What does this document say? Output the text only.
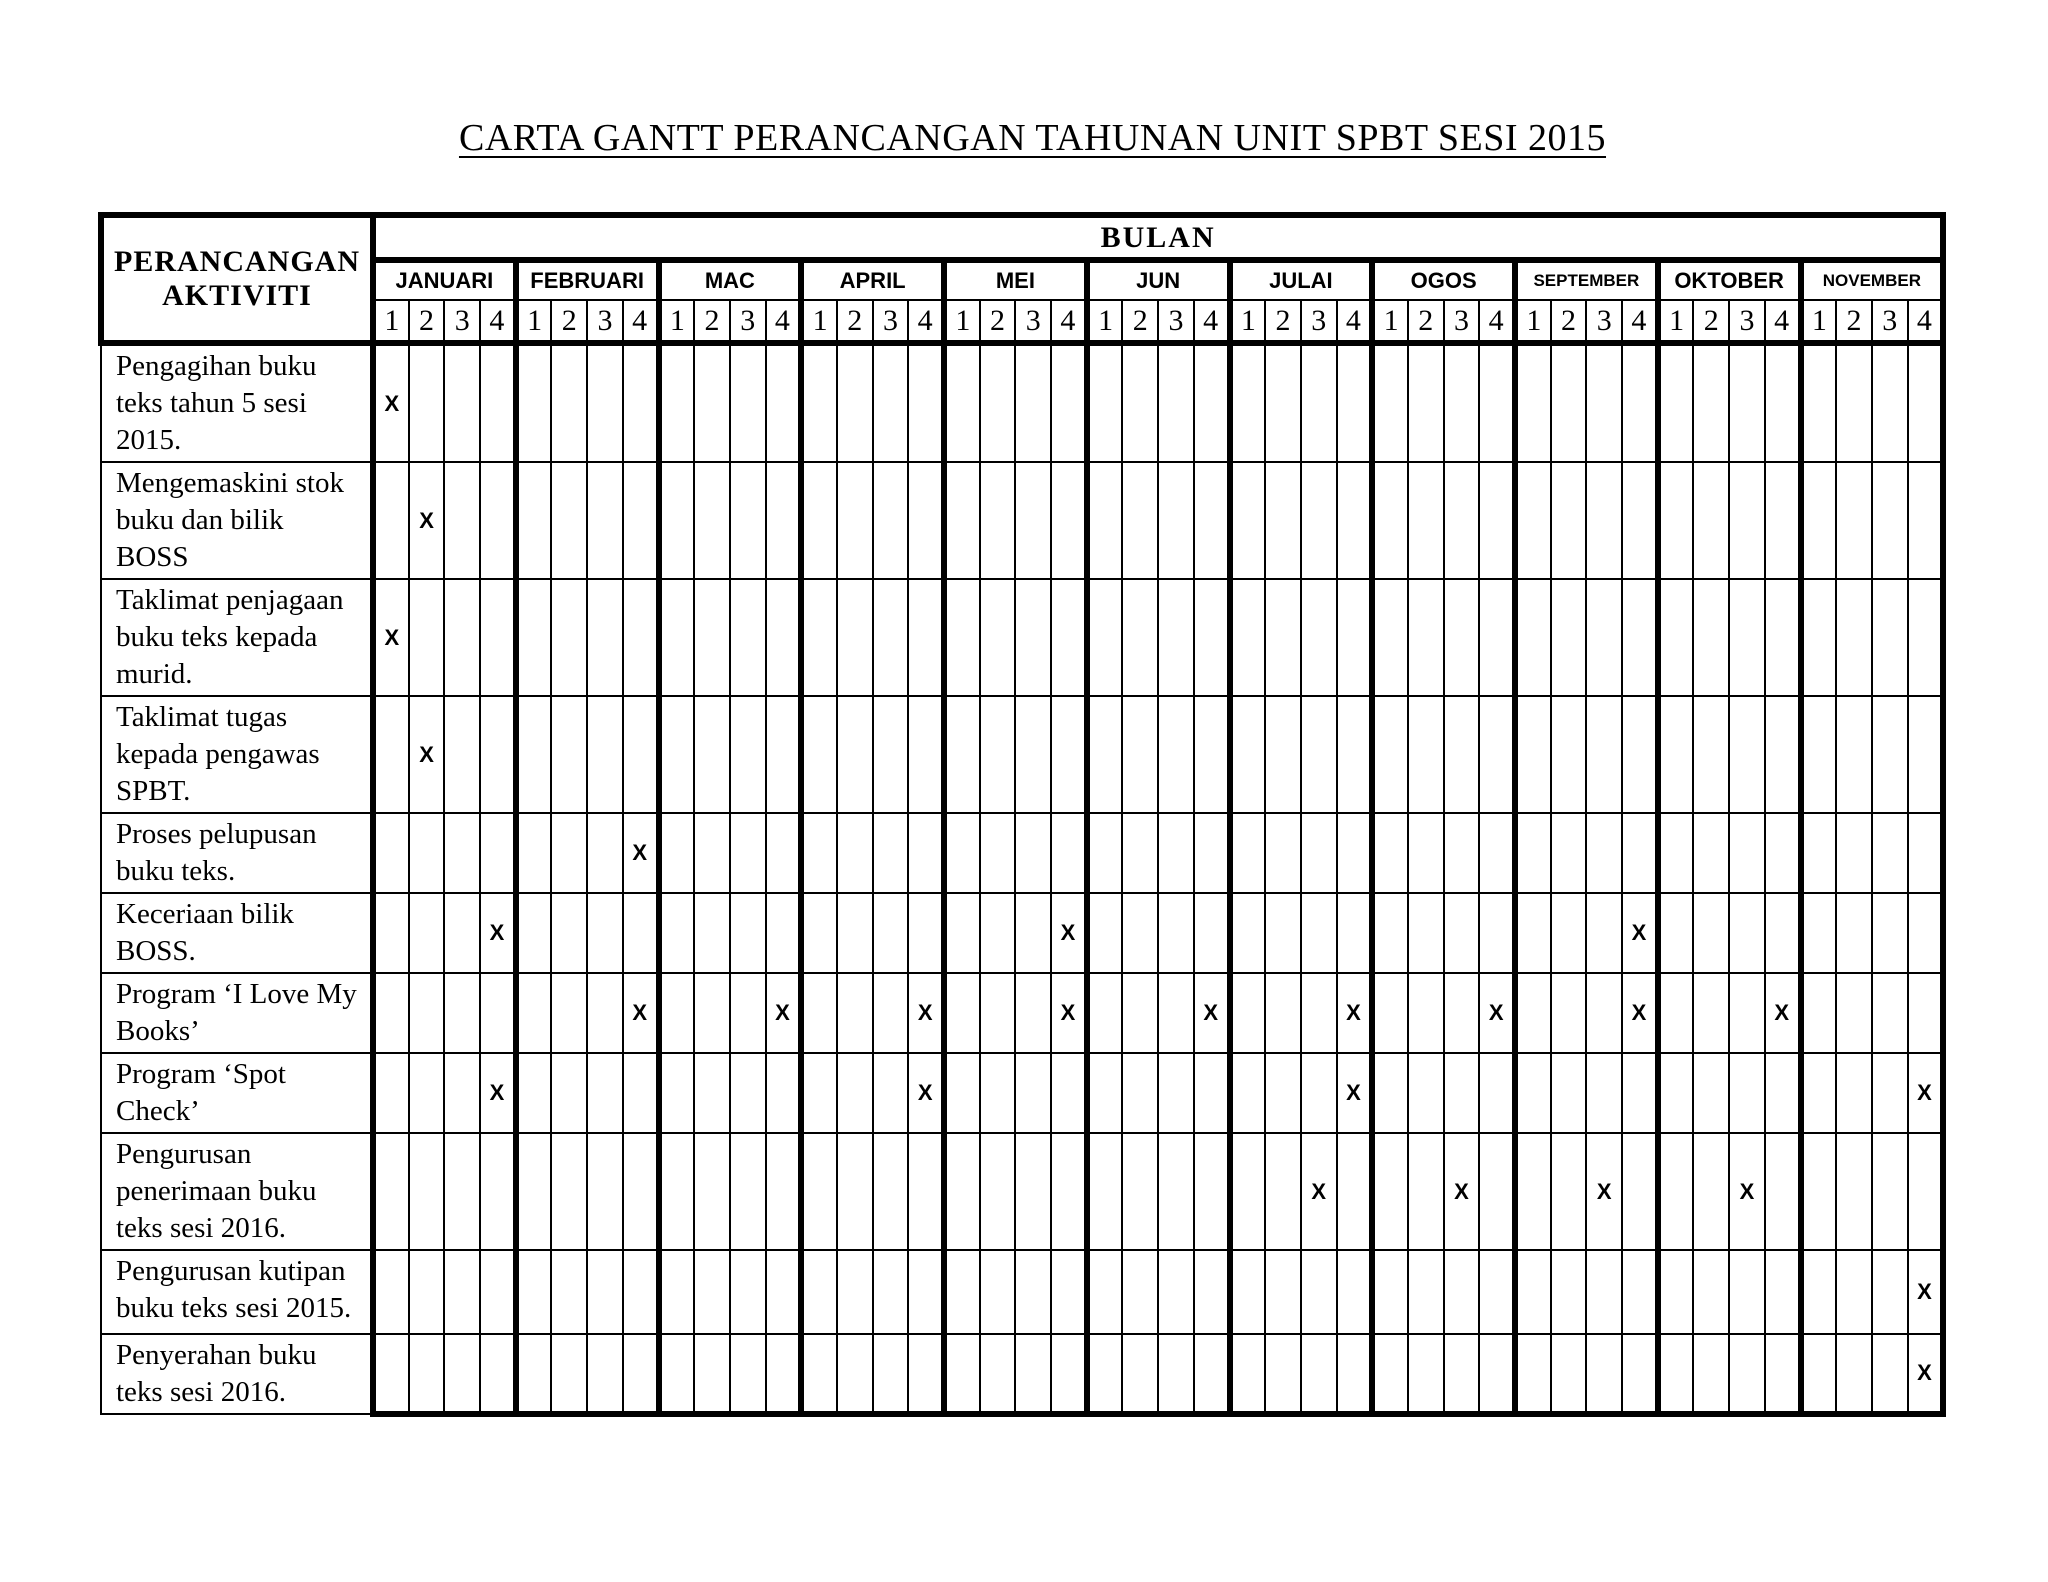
CARTA GANTT PERANCANGAN TAHUNAN UNIT SPBT SESI 2015
PERANCANGAN
AKTIVITI	BULAN																																											
	JANUARI				FEBRUARI				MAC				APRIL				MEI				JUN				JULAI				OGOS				SEPTEMBER				OKTOBER				NOVEMBER			
	1	2	3	4	1	2	3	4	1	2	3	4	1	2	3	4	1	2	3	4	1	2	3	4	1	2	3	4	1	2	3	4	1	2	3	4	1	2	3	4	1	2	3	4
Pengagihan buku teks tahun 5 sesi 2015.	X																																											
Mengemaskini stok buku dan bilik BOSS		X																																										
Taklimat penjagaan buku teks kepada murid.	X																																											
Taklimat tugas kepada pengawas SPBT.		X																																										
Proses pelupusan buku teks.								X																																				
Keceriaan bilik BOSS.				X																X																X								
Program ‘I Love My Books’								X				X				X				X				X				X				X				X				X				
Program ‘Spot Check’				X												X												X																X
Pengurusan penerimaan buku teks sesi 2016.																											X				X				X				X					
Pengurusan kutipan buku teks sesi 2015.																																												X
Penyerahan buku teks sesi 2016.																																												X
